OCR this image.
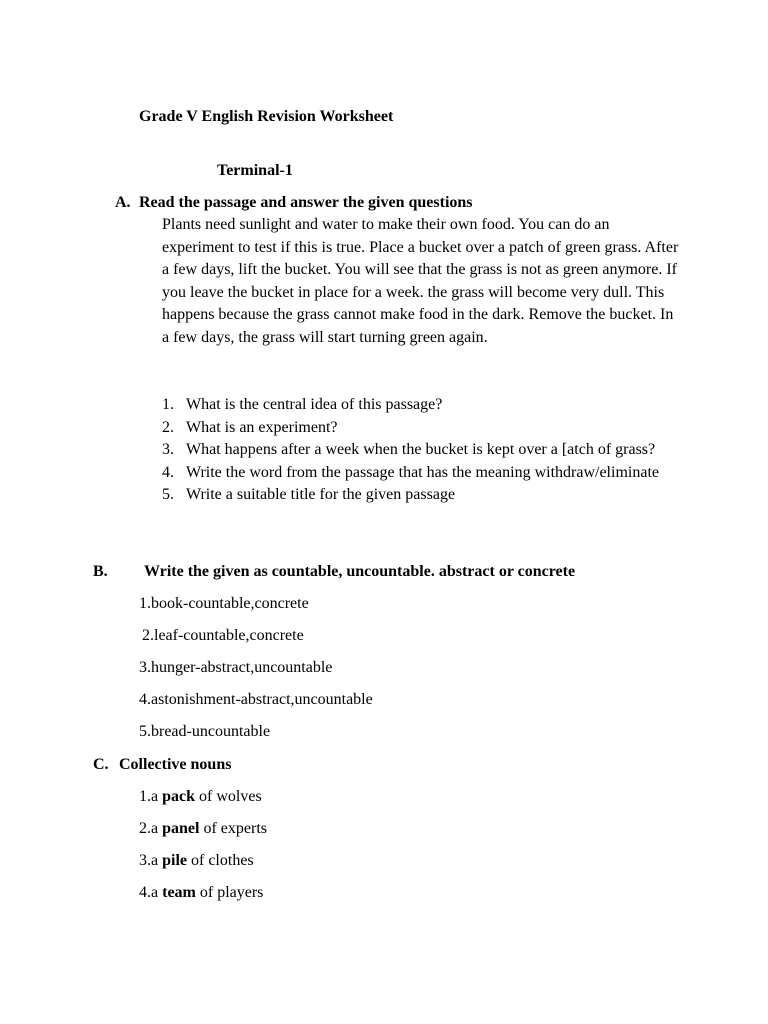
Grade V English Revision Worksheet
Terminal-1
A. Read the passage and answer the given questions
Plants need sunlight and water to make their own food. You can do an experiment to test if this is true. Place a bucket over a patch of green grass. After a few days, lift the bucket. You will see that the grass is not as green anymore. If you leave the bucket in place for a week. the grass will become very dull. This happens because the grass cannot make food in the dark. Remove the bucket. In a few days, the grass will start turning green again.
1. What is the central idea of this passage?
2. What is an experiment?
3. What happens after a week when the bucket is kept over a [atch of grass?
4. Write the word from the passage that has the meaning withdraw/eliminate
5. Write a suitable title for the given passage
B. Write the given as countable, uncountable. abstract or concrete
1.book-countable,concrete
2.leaf-countable,concrete
3.hunger-abstract,uncountable
4.astonishment-abstract,uncountable
5.bread-uncountable
C. Collective nouns
1.a pack of wolves
2.a panel of experts
3.a pile of clothes
4.a team of players
